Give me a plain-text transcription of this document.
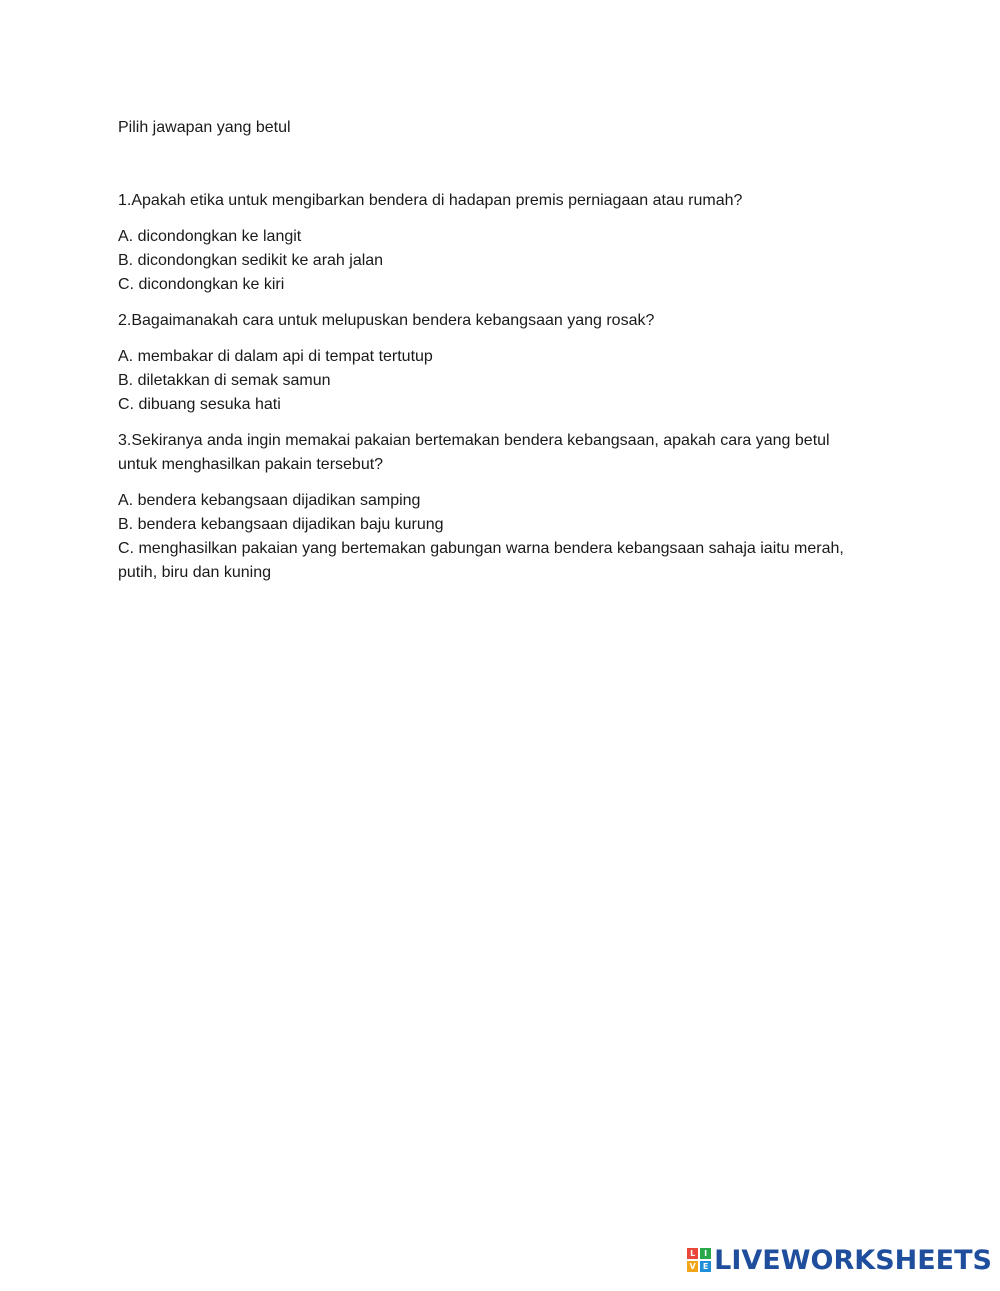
Pilih jawapan yang betul

1.Apakah etika untuk mengibarkan bendera di hadapan premis perniagaan atau rumah?

A. dicondongkan ke langit
B. dicondongkan sedikit ke arah jalan
C. dicondongkan ke kiri

2.Bagaimanakah cara untuk melupuskan bendera kebangsaan yang rosak?

A. membakar di dalam api di tempat tertutup
B. diletakkan di semak samun
C. dibuang sesuka hati

3.Sekiranya anda ingin memakai pakaian bertemakan bendera kebangsaan, apakah cara yang betul untuk menghasilkan pakain tersebut?

A. bendera kebangsaan dijadikan samping
B. bendera kebangsaan dijadikan baju kurung
C. menghasilkan pakaian yang bertemakan gabungan warna bendera kebangsaan sahaja iaitu merah, putih, biru dan kuning
L	I
V E LIVEWORKSHEETS
